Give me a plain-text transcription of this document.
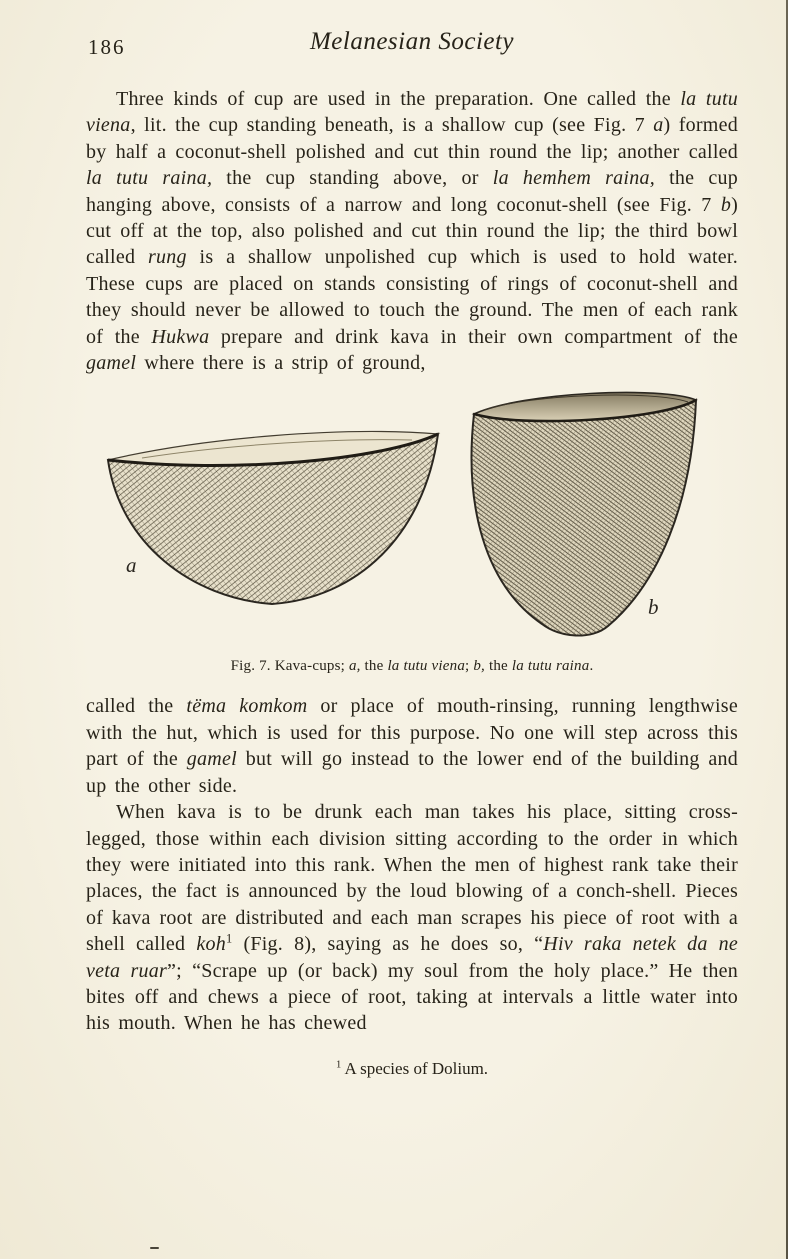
186	Melanesian Society

Three kinds of cup are used in the preparation. One called the la tutu viena, lit. the cup standing beneath, is a shallow cup (see Fig. 7 a) formed by half a coconut-shell polished and cut thin round the lip; another called la tutu raina, the cup standing above, or la hemhem raina, the cup hanging above, consists of a narrow and long coconut-shell (see Fig. 7 b) cut off at the top, also polished and cut thin round the lip; the third bowl called rung is a shallow unpolished cup which is used to hold water. These cups are placed on stands consisting of rings of coconut-shell and they should never be allowed to touch the ground. The men of each rank of the Hukwa prepare and drink kava in their own compartment of the gamel where there is a strip of ground,

a
b
Fig. 7. Kava-cups; a, the la tutu viena; b, the la tutu raina.

called the tëma komkom or place of mouth-rinsing, running lengthwise with the hut, which is used for this purpose. No one will step across this part of the gamel but will go instead to the lower end of the building and up the other side.

When kava is to be drunk each man takes his place, sitting cross-legged, those within each division sitting according to the order in which they were initiated into this rank. When the men of highest rank take their places, the fact is announced by the loud blowing of a conch-shell. Pieces of kava root are distributed and each man scrapes his piece of root with a shell called koh$^1$ (Fig. 8), saying as he does so, “Hiv raka netek da ne veta ruar”; “Scrape up (or back) my soul from the holy place.” He then bites off and chews a piece of root, taking at intervals a little water into his mouth. When he has chewed

$^1$ A species of Dolium.
